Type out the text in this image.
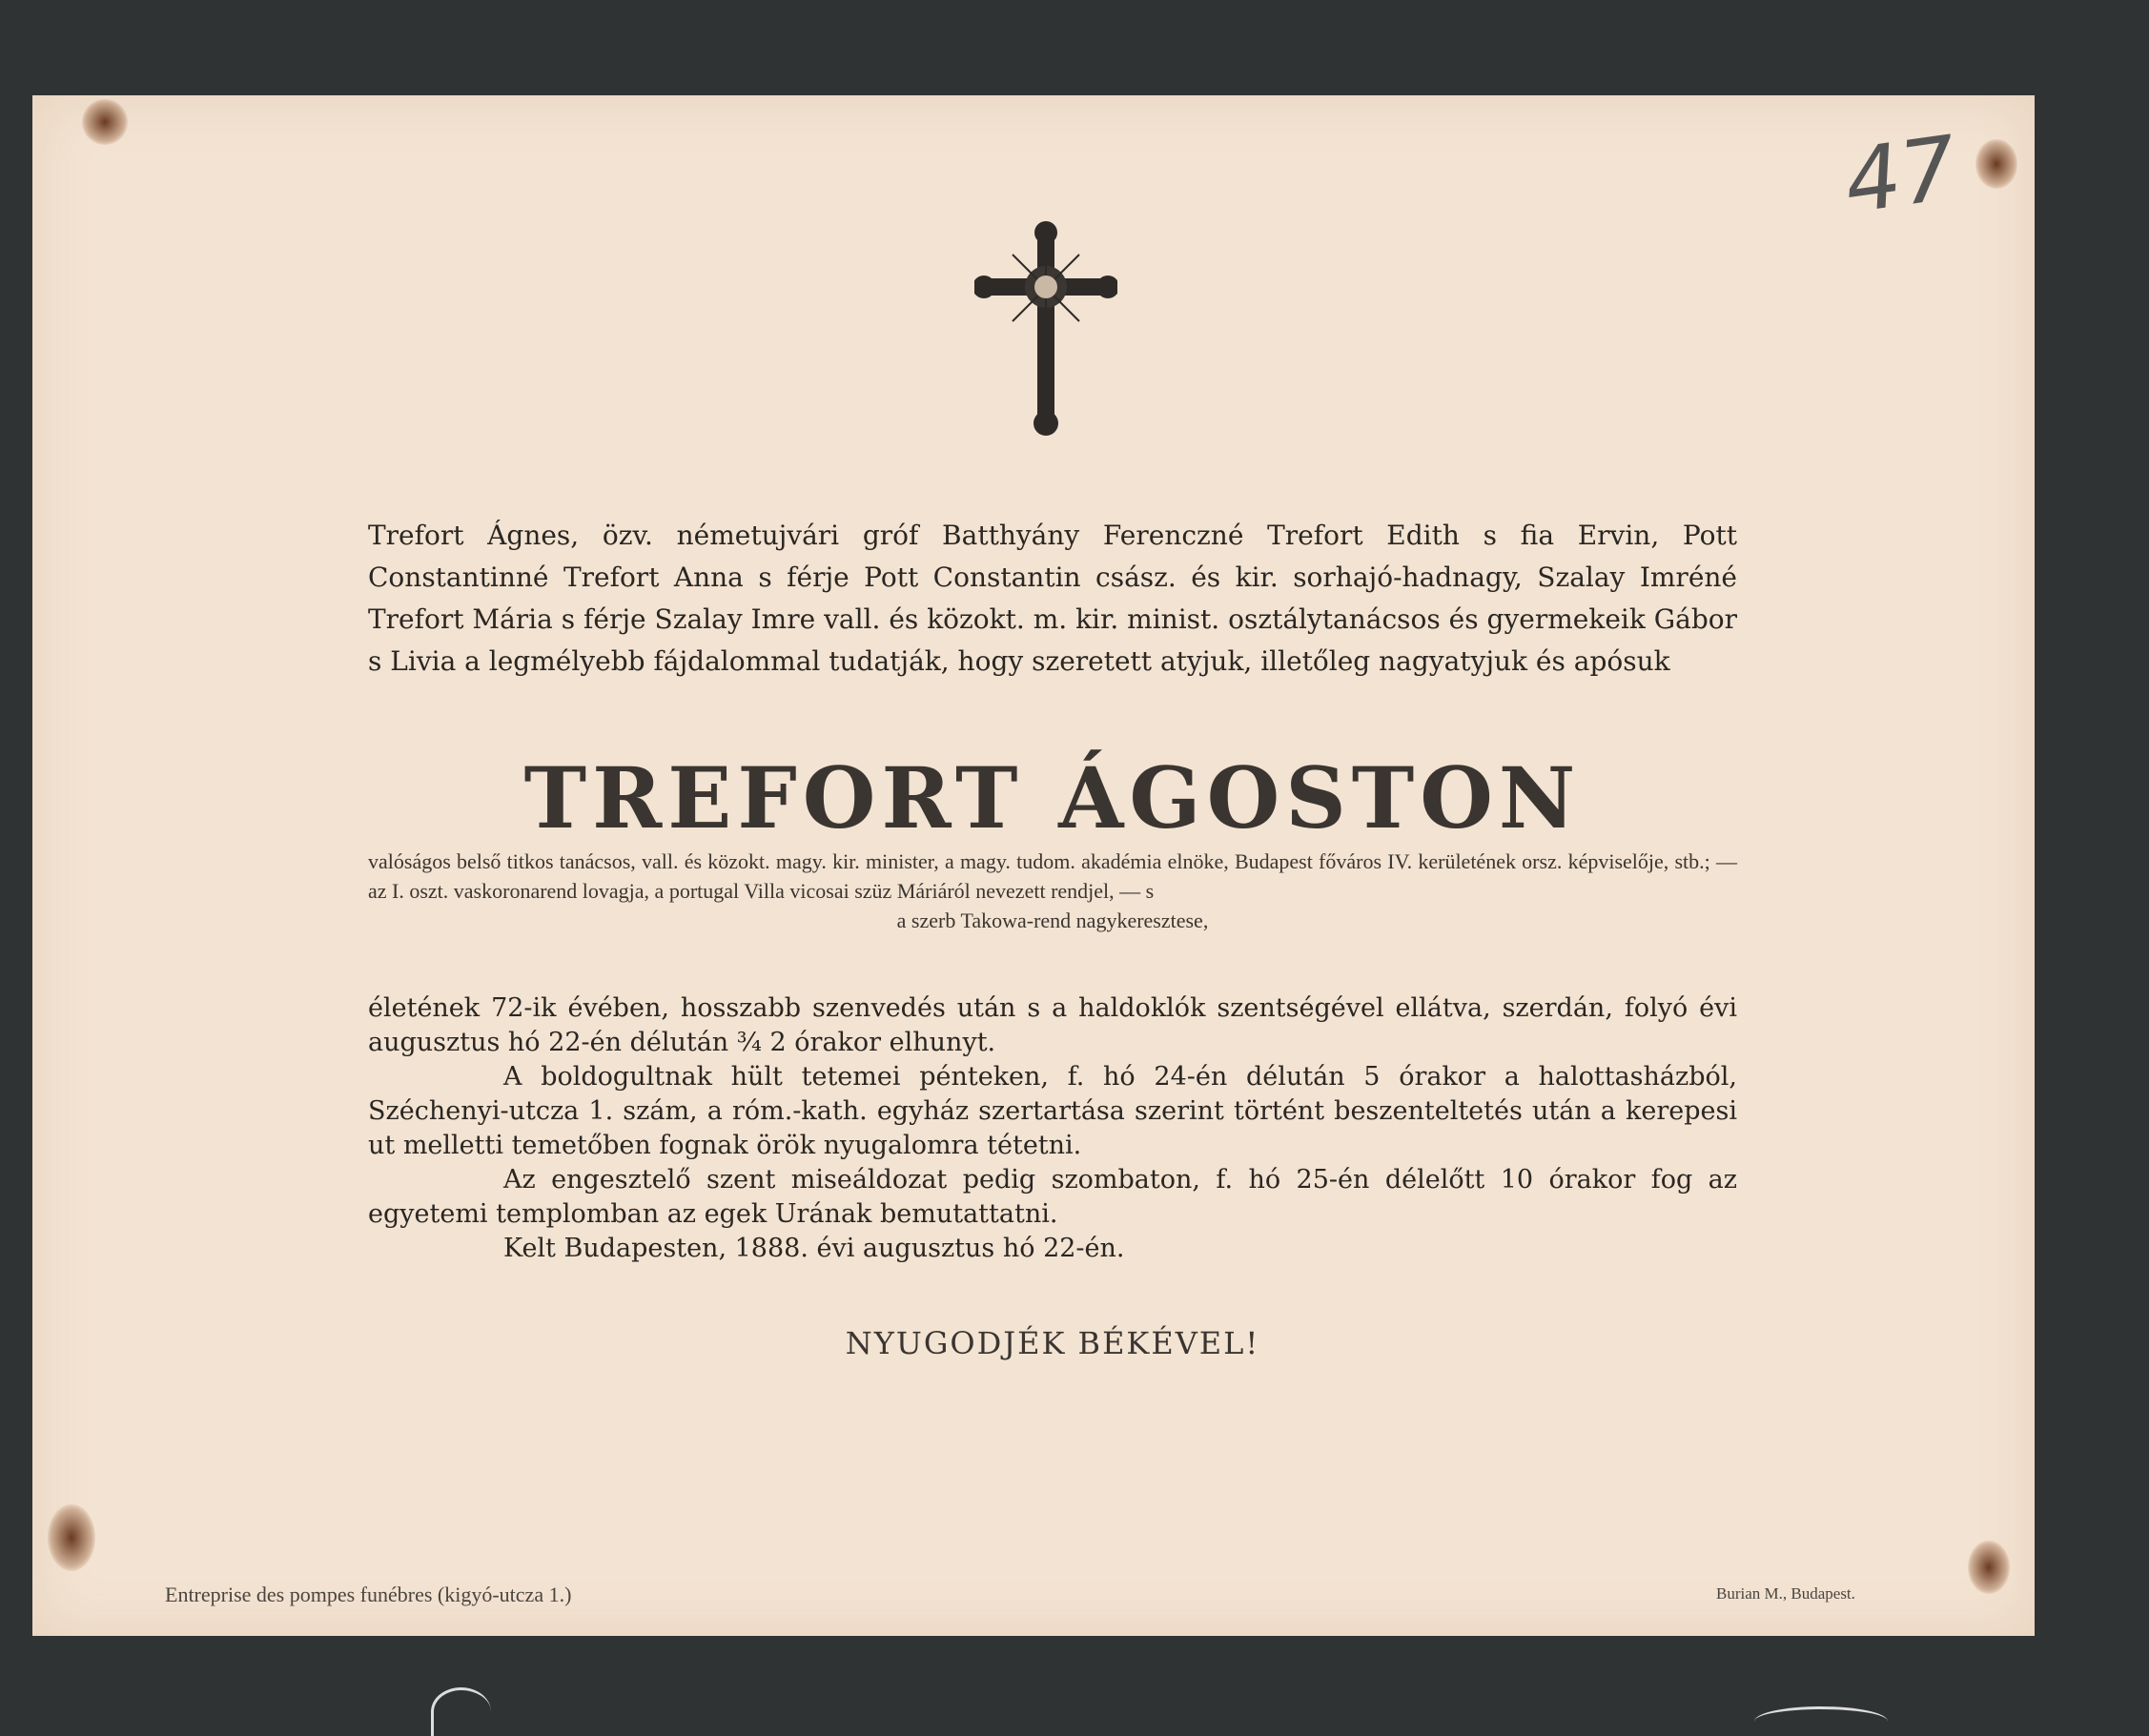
47
Trefort Ágnes, özv. németujvári gróf Batthyány Ferenczné Trefort Edith s fia Ervin, Pott Constantinné Trefort Anna s férje Pott Constantin csász. és kir. sorhajó-hadnagy, Szalay Imréné Trefort Mária s férje Szalay Imre vall. és közokt. m. kir. minist. osztálytanácsos és gyermekeik Gábor s Livia a legmélyebb fájdalommal tudatják, hogy szeretett atyjuk, illetőleg nagyatyjuk és apósuk
TREFORT ÁGOSTON
valóságos belső titkos tanácsos, vall. és közokt. magy. kir. minister, a magy. tudom. akadémia elnöke, Budapest főváros IV. kerületének orsz. képviselője, stb.; — az I. oszt. vaskoronarend lovagja, a portugal Villa vicosai szüz Máriáról nevezett rendjel, — s
a szerb Takowa-rend nagykeresztese,

életének 72-ik évében, hosszabb szenvedés után s a haldoklók szentségével ellátva, szerdán, folyó évi augusztus hó 22-én délután ¾ 2 órakor elhunyt.

A boldogultnak hült tetemei pénteken, f. hó 24-én délután 5 órakor a halottasházból, Széchenyi-utcza 1. szám, a róm.-kath. egyház szertartása szerint történt beszenteltetés után a kerepesi ut melletti temetőben fognak örök nyugalomra tétetni.

Az engesztelő szent miseáldozat pedig szombaton, f. hó 25-én délelőtt 10 órakor fog az egyetemi templomban az egek Urának bemutattatni.

Kelt Budapesten, 1888. évi augusztus hó 22-én.

NYUGODJÉK BÉKÉVEL!
Entreprise des pompes funébres (kigyó-utcza 1.)	Burian M., Budapest.
